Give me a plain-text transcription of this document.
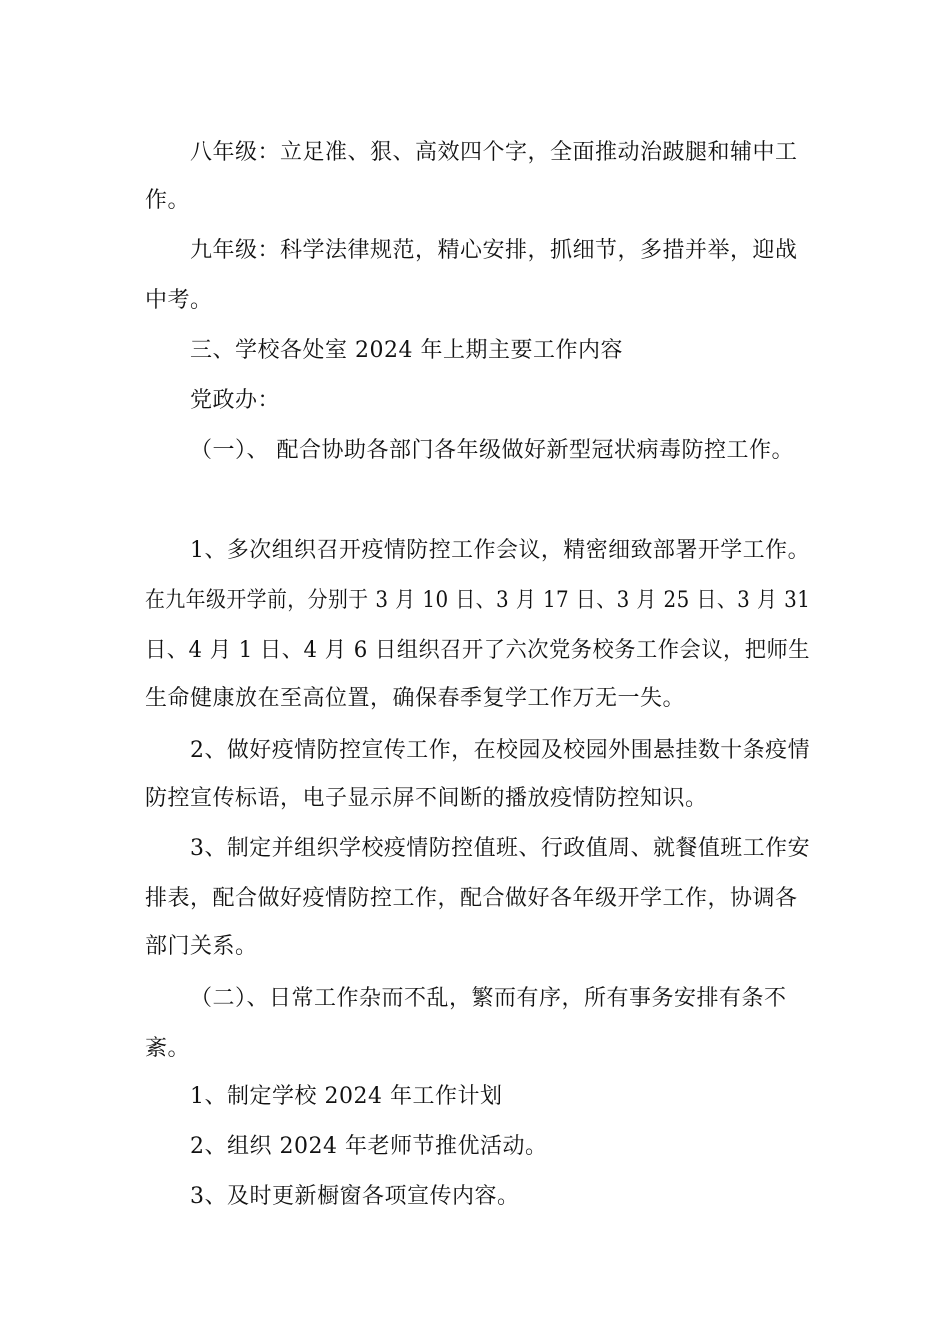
八年级：立足准、狠、高效四个字，全面推动治跛腿和辅中工
作。
九年级：科学法律规范，精心安排，抓细节，多措并举，迎战
中考。
三、学校各处室 2024 年上期主要工作内容
党政办：
（一）、 配合协助各部门各年级做好新型冠状病毒防控工作。
1、多次组织召开疫情防控工作会议，精密细致部署开学工作。
在九年级开学前，分别于 3 月 10 日、3 月 17 日、3 月 25 日、3 月 31
日、4 月 1 日、4 月 6 日组织召开了六次党务校务工作会议，把师生
生命健康放在至高位置，确保春季复学工作万无一失。
2、做好疫情防控宣传工作，在校园及校园外围悬挂数十条疫情
防控宣传标语，电子显示屏不间断的播放疫情防控知识。
3、制定并组织学校疫情防控值班、行政值周、就餐值班工作安
排表，配合做好疫情防控工作，配合做好各年级开学工作，协调各
部门关系。
（二）、日常工作杂而不乱，繁而有序，所有事务安排有条不
紊。
1、制定学校 2024 年工作计划
2、组织 2024 年老师节推优活动。
3、及时更新橱窗各项宣传内容。
